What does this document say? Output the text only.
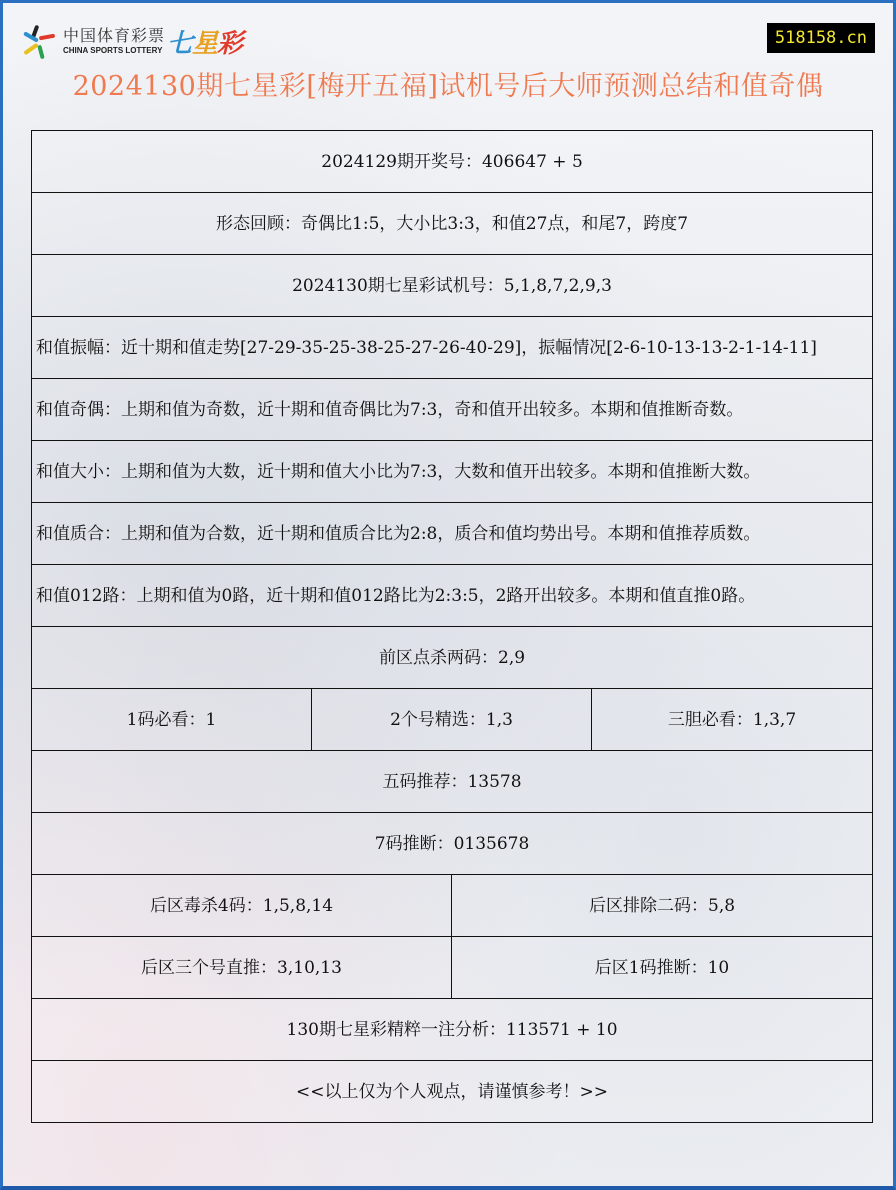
中国体育彩票
CHINA SPORTS LOTTERY 七星彩	518158.cn
2024130期七星彩[梅开五福]试机号后大师预测总结和值奇偶
2024129期开奖号：406647 + 5			
形态回顾：奇偶比1:5，大小比3:3，和值27点，和尾7，跨度7			
2024130期七星彩试机号：5,1,8,7,2,9,3			
和值振幅：近十期和值走势[27-29-35-25-38-25-27-26-40-29]，振幅情况[2-6-10-13-13-2-1-14-11]			
和值奇偶：上期和值为奇数，近十期和值奇偶比为7:3，奇和值开出较多。本期和值推断奇数。			
和值大小：上期和值为大数，近十期和值大小比为7:3，大数和值开出较多。本期和值推断大数。			
和值质合：上期和值为合数，近十期和值质合比为2:8，质合和值均势出号。本期和值推荐质数。			
和值012路：上期和值为0路，近十期和值012路比为2:3:5，2路开出较多。本期和值直推0路。			
前区点杀两码：2,9			
1码必看：1	2个号精选：1,3		三胆必看：1,3,7
五码推荐：13578			
7码推断：0135678			
后区毒杀4码：1,5,8,14		后区排除二码：5,8	
后区三个号直推：3,10,13		后区1码推断：10	
130期七星彩精粹一注分析：113571 + 10			
<<以上仅为个人观点，请谨慎参考！>>			
